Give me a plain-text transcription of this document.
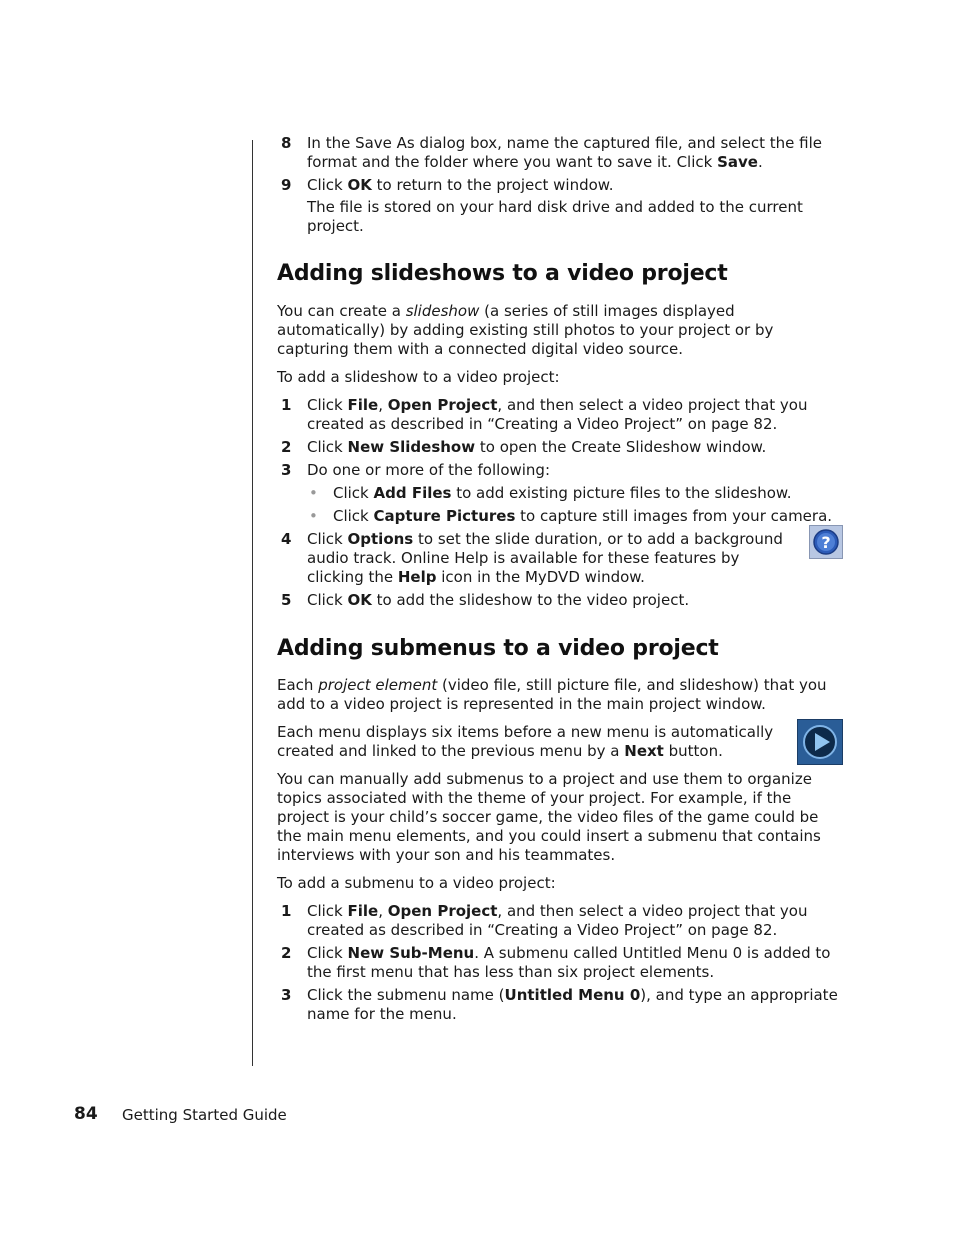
8 In the Save As dialog box, name the captured file, and select the file format and the folder where you want to save it. Click Save.
9 Click OK to return to the project window.
The file is stored on your hard disk drive and added to the current project.
Adding slideshows to a video project

You can create a slideshow (a series of still images displayed automatically) by adding existing still photos to your project or by capturing them with a connected digital video source.

To add a slideshow to a video project:

1 Click File, Open Project, and then select a video project that you created as described in “Creating a Video Project” on page 82.
2 Click New Slideshow to open the Create Slideshow window.
3 Do one or more of the following:
• Click Add Files to add existing picture files to the slideshow.
• Click Capture Pictures to capture still images from your camera.
4 Click Options to set the slide duration, or to add a background audio track. Online Help is available for these features by clicking the Help icon in the MyDVD window.
?
5 Click OK to add the slideshow to the video project.
Adding submenus to a video project

Each project element (video file, still picture file, and slideshow) that you add to a video project is represented in the main project window.

Each menu displays six items before a new menu is automatically created and linked to the previous menu by a Next button.

You can manually add submenus to a project and use them to organize topics associated with the theme of your project. For example, if the project is your child’s soccer game, the video files of the game could be the main menu elements, and you could insert a submenu that contains interviews with your son and his teammates.

To add a submenu to a video project:

1 Click File, Open Project, and then select a video project that you created as described in “Creating a Video Project” on page 82.
2 Click New Sub-Menu. A submenu called Untitled Menu 0 is added to the first menu that has less than six project elements.
3 Click the submenu name (Untitled Menu 0), and type an appropriate name for the menu.
84 Getting Started Guide
